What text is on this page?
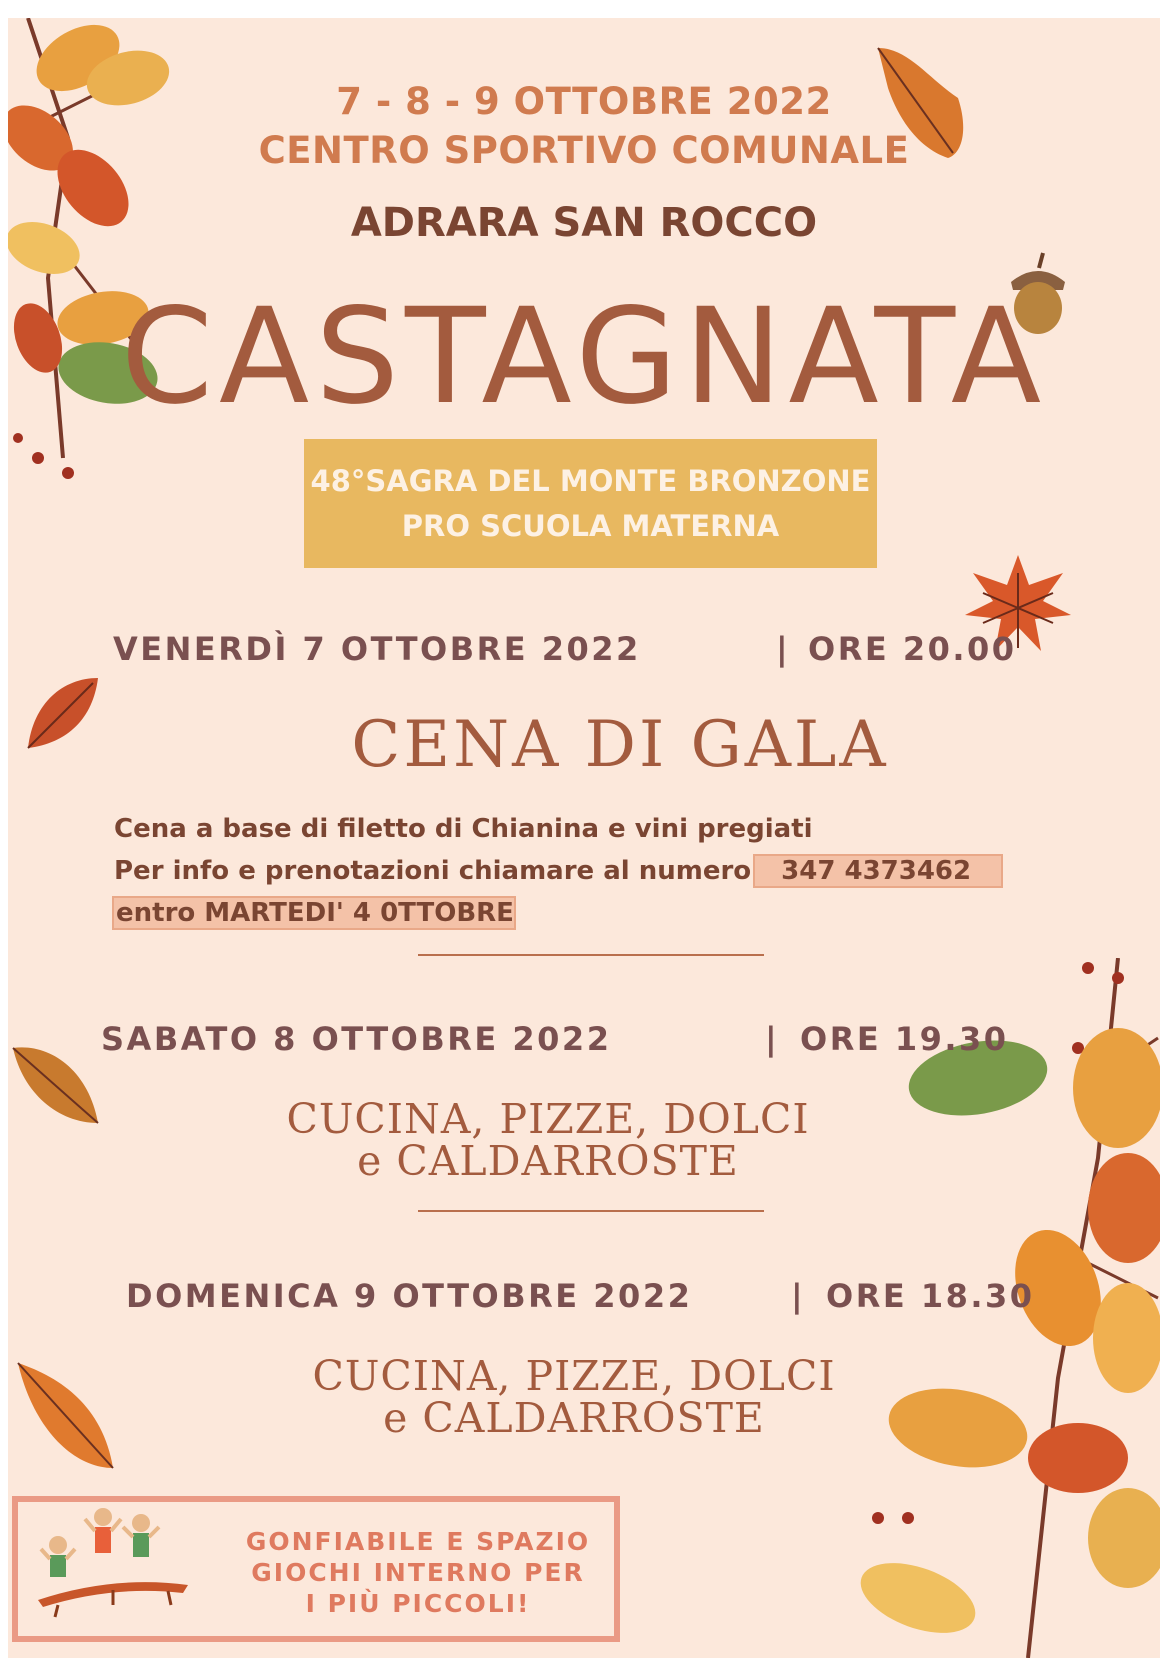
7 - 8 - 9 OTTOBRE 2022
CENTRO SPORTIVO COMUNALE
ADRARA SAN ROCCO
CASTAGNATA
48°SAGRA DEL MONTE BRONZONE
PRO SCUOLA MATERNA
VENERDÌ 7 OTTOBRE 2022	| ORE 20.00
CENA DI GALA
Cena a base di filetto di Chianina e vini pregiati
Per info e prenotazioni chiamare al numero 347 4373462
entro MARTEDI' 4 0TTOBRE
SABATO 8 OTTOBRE 2022	| ORE 19.30
CUCINA, PIZZE, DOLCI
e CALDARROSTE
DOMENICA 9 OTTOBRE 2022	| ORE 18.30
CUCINA, PIZZE, DOLCI
e CALDARROSTE
GONFIABILE E SPAZIO
GIOCHI INTERNO PER
I PIÙ PICCOLI!
